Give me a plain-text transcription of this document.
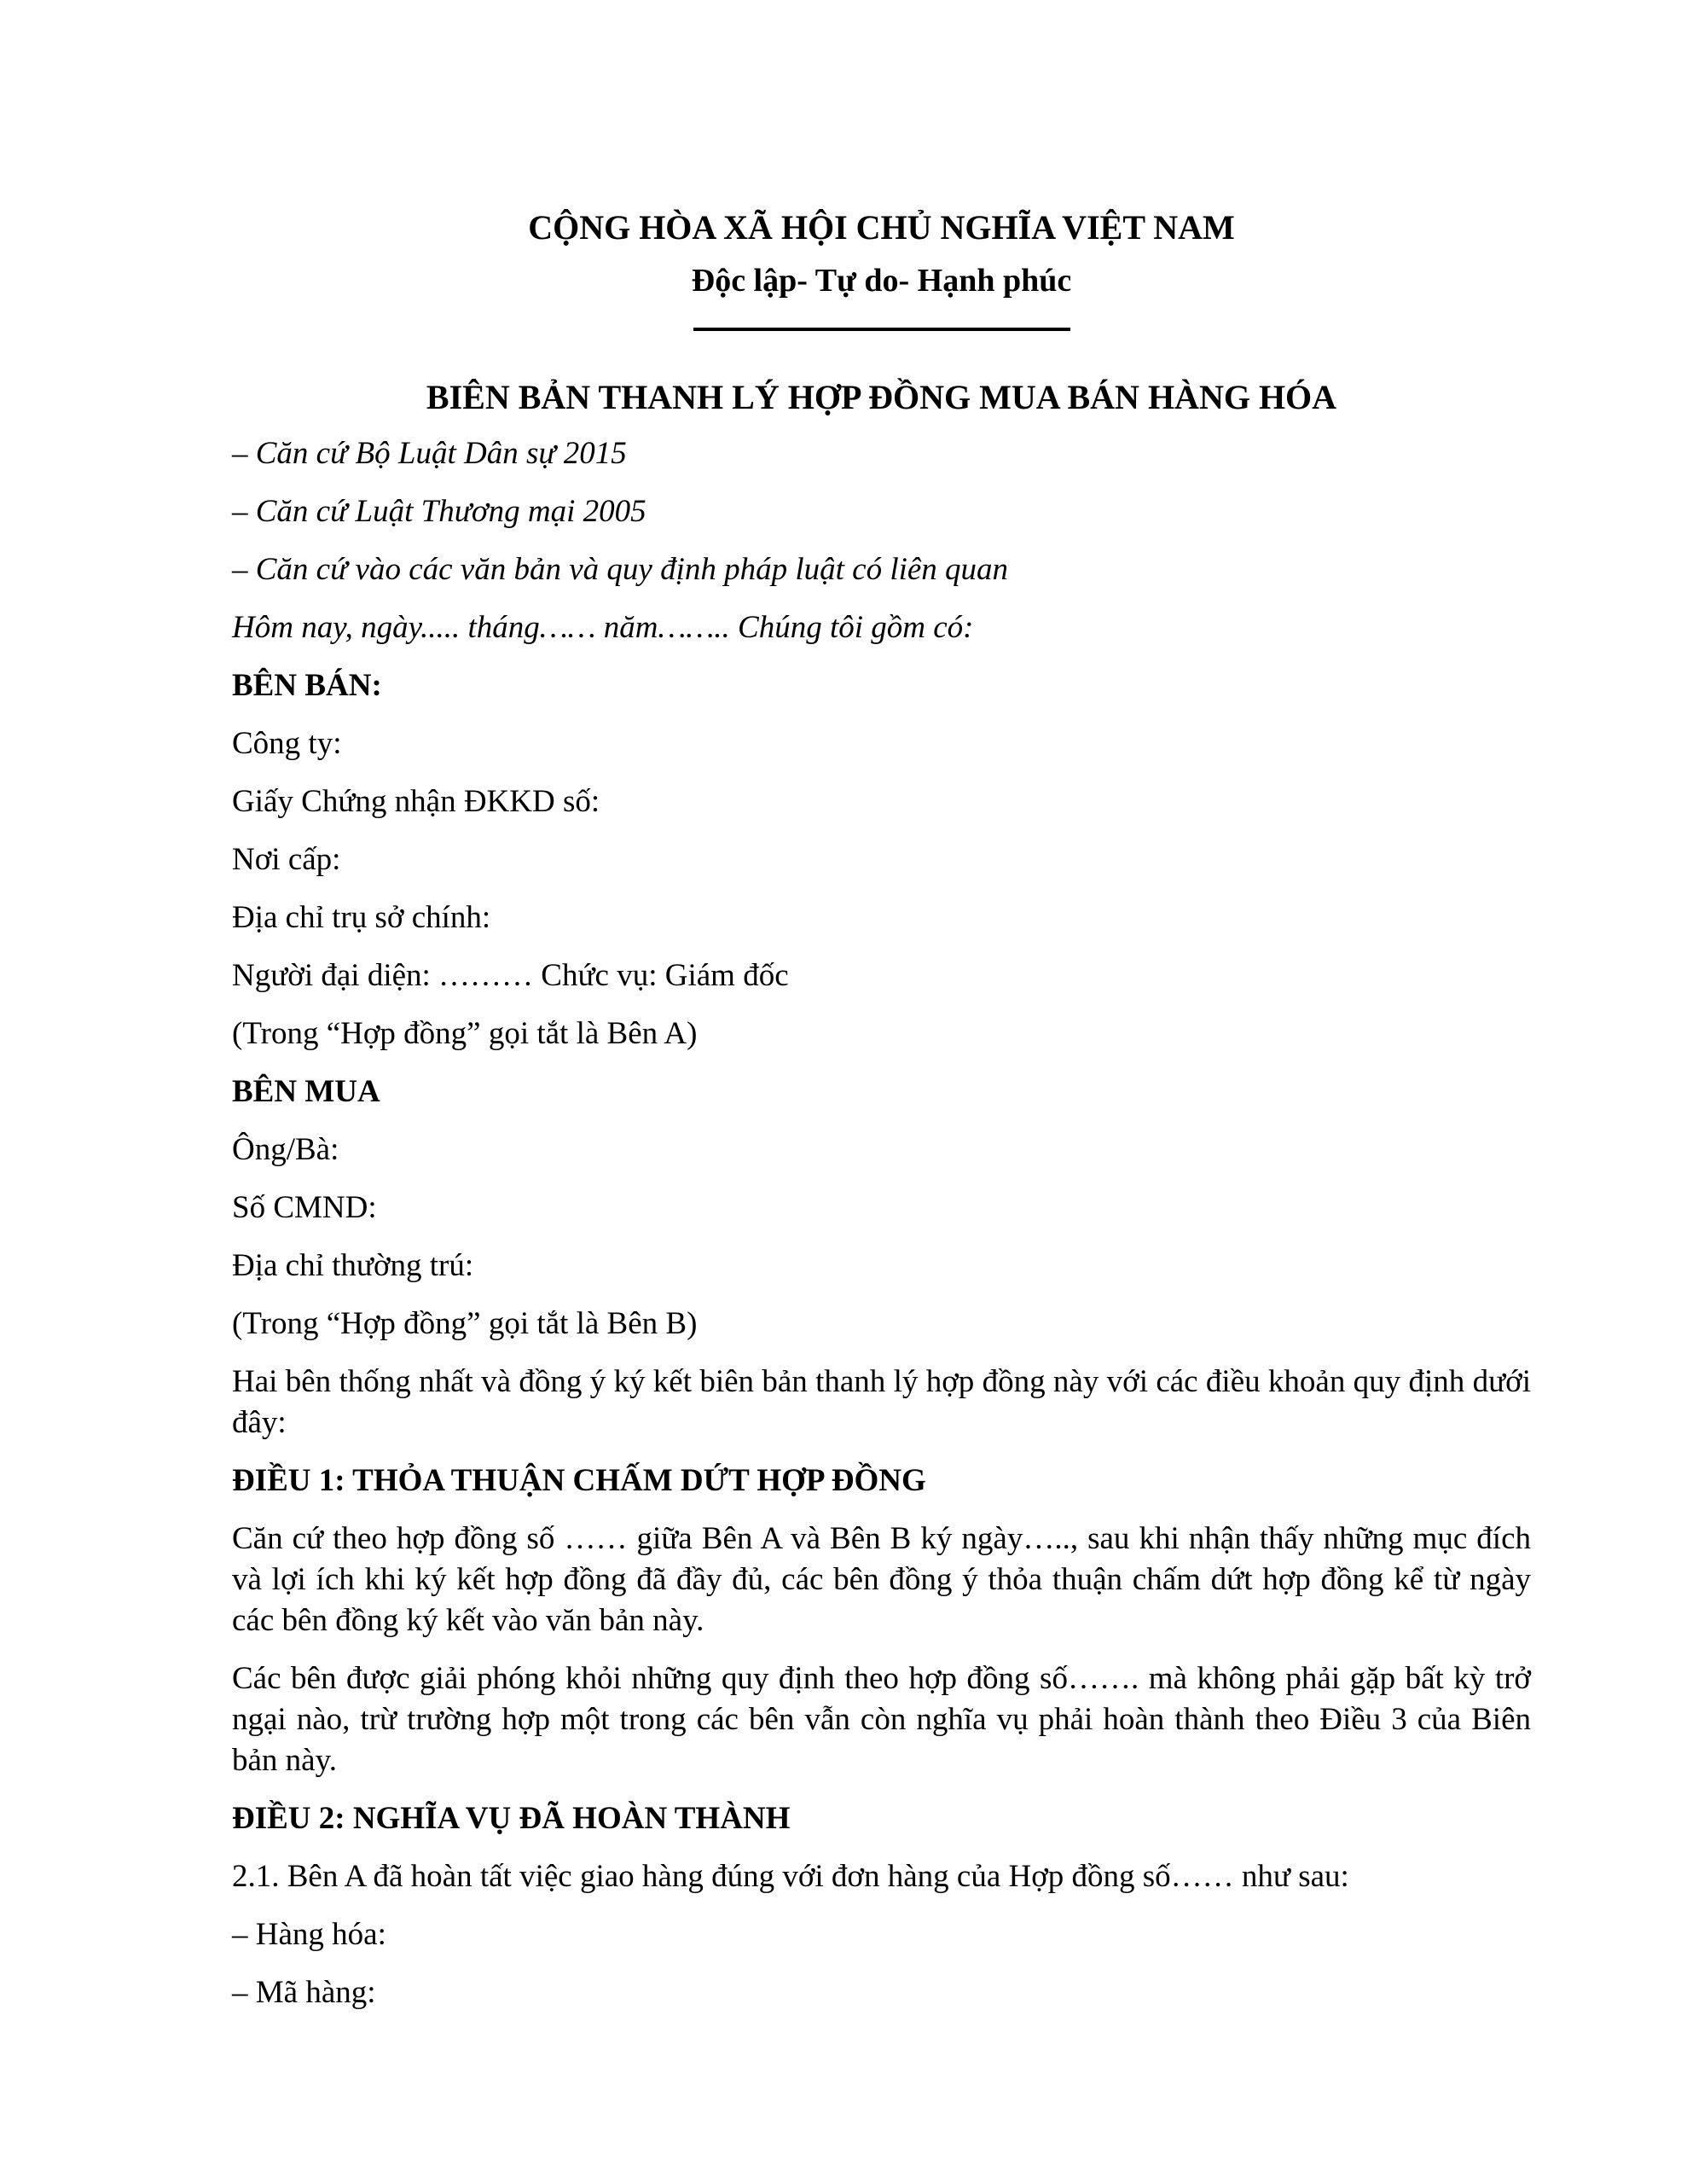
CỘNG HÒA XÃ HỘI CHỦ NGHĨA VIỆT NAM
Độc lập- Tự do- Hạnh phúc
BIÊN BẢN THANH LÝ HỢP ĐỒNG MUA BÁN HÀNG HÓA

– Căn cứ Bộ Luật Dân sự 2015

– Căn cứ Luật Thương mại 2005

– Căn cứ vào các văn bản và quy định pháp luật có liên quan

Hôm nay, ngày..... tháng…… năm…….. Chúng tôi gồm có:

BÊN BÁN:

Công ty:

Giấy Chứng nhận ĐKKD số:

Nơi cấp:

Địa chỉ trụ sở chính:

Người đại diện: ……… Chức vụ: Giám đốc

(Trong “Hợp đồng” gọi tắt là Bên A)

BÊN MUA

Ông/Bà:

Số CMND:

Địa chỉ thường trú:

(Trong “Hợp đồng” gọi tắt là Bên B)

Hai bên thống nhất và đồng ý ký kết biên bản thanh lý hợp đồng này với các điều khoản quy định dưới đây:

ĐIỀU 1: THỎA THUẬN CHẤM DỨT HỢP ĐỒNG

Căn cứ theo hợp đồng số …… giữa Bên A và Bên B ký ngày….., sau khi nhận thấy những mục đích và lợi ích khi ký kết hợp đồng đã đầy đủ, các bên đồng ý thỏa thuận chấm dứt hợp đồng kể từ ngày các bên đồng ký kết vào văn bản này.

Các bên được giải phóng khỏi những quy định theo hợp đồng số……. mà không phải gặp bất kỳ trở ngại nào, trừ trường hợp một trong các bên vẫn còn nghĩa vụ phải hoàn thành theo Điều 3 của Biên bản này.

ĐIỀU 2: NGHĨA VỤ ĐÃ HOÀN THÀNH

2.1. Bên A đã hoàn tất việc giao hàng đúng với đơn hàng của Hợp đồng số…… như sau:

– Hàng hóa:

– Mã hàng:
